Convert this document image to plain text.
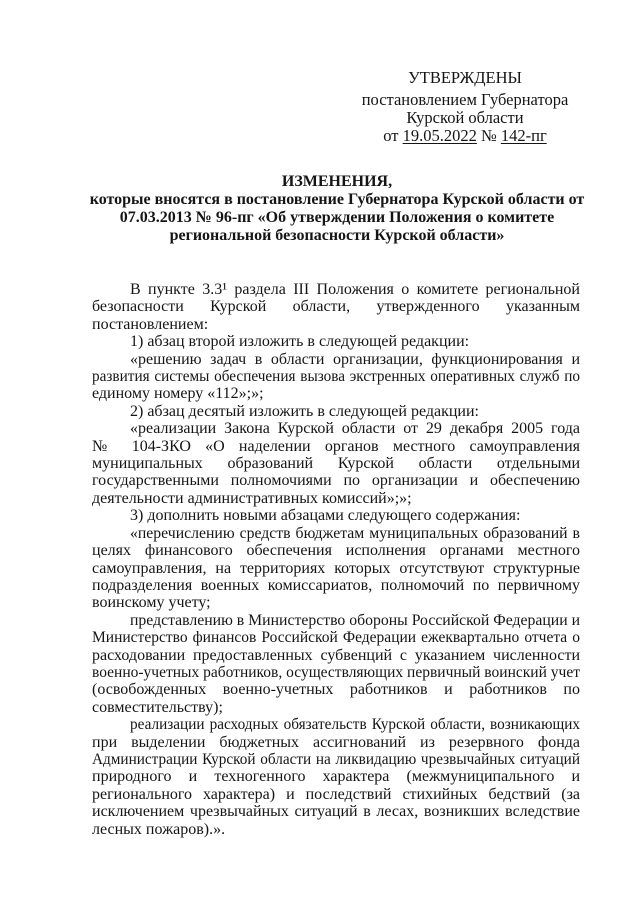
УТВЕРЖДЕНЫ
постановлением Губернатора
Курской области
от 19.05.2022 № 142-пг
ИЗМЕНЕНИЯ,
которые вносятся в постановление Губернатора Курской области от
07.03.2013 № 96-пг «Об утверждении Положения о комитете
региональной безопасности Курской области»
В пункте 3.3¹ раздела III Положения о комитете региональной
безопасности Курской области, утвержденного указанным
постановлением:
1) абзац второй изложить в следующей редакции:
«решению задач в области организации, функционирования и
развития системы обеспечения вызова экстренных оперативных служб по
единому номеру «112»;»;
2) абзац десятый изложить в следующей редакции:
«реализации Закона Курской области от 29 декабря 2005 года
№ 104-ЗКО «О наделении органов местного самоуправления
муниципальных образований Курской области отдельными
государственными полномочиями по организации и обеспечению
деятельности административных комиссий»;»;
3) дополнить новыми абзацами следующего содержания:
«перечислению средств бюджетам муниципальных образований в
целях финансового обеспечения исполнения органами местного
самоуправления, на территориях которых отсутствуют структурные
подразделения военных комиссариатов, полномочий по первичному
воинскому учету;
представлению в Министерство обороны Российской Федерации и
Министерство финансов Российской Федерации ежеквартально отчета о
расходовании предоставленных субвенций с указанием численности
военно-учетных работников, осуществляющих первичный воинский учет
(освобожденных военно-учетных работников и работников по
совместительству);
реализации расходных обязательств Курской области, возникающих
при выделении бюджетных ассигнований из резервного фонда
Администрации Курской области на ликвидацию чрезвычайных ситуаций
природного и техногенного характера (межмуниципального и
регионального характера) и последствий стихийных бедствий (за
исключением чрезвычайных ситуаций в лесах, возникших вследствие
лесных пожаров).».
